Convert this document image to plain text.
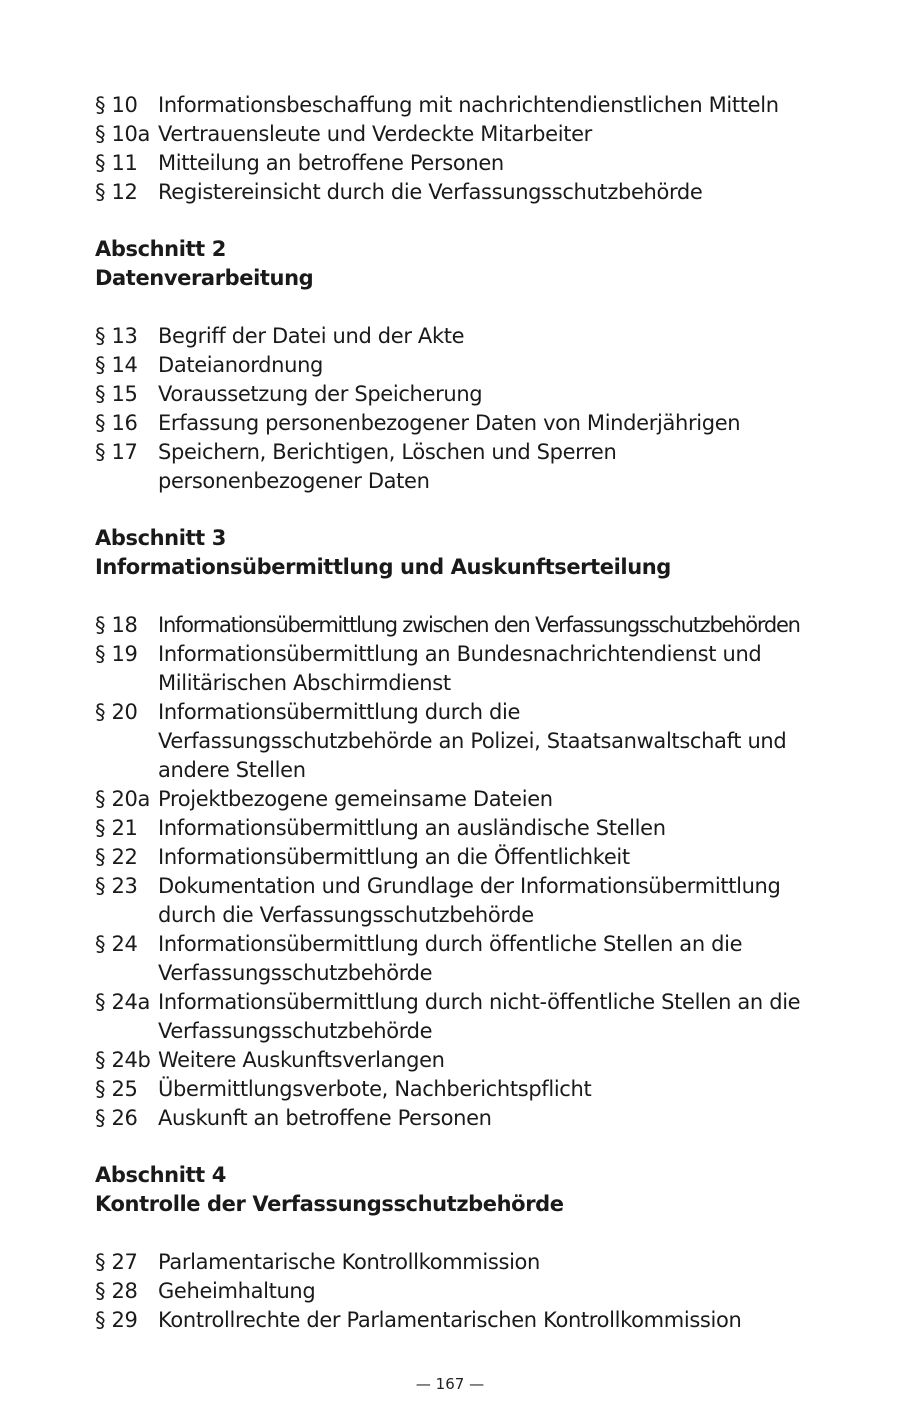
§ 10 Informationsbeschaffung mit nachrichtendienstlichen Mitteln
§ 10a Vertrauensleute und Verdeckte Mitarbeiter
§ 11 Mitteilung an betroffene Personen
§ 12 Registereinsicht durch die Verfassungsschutzbehörde
Abschnitt 2
Datenverarbeitung
§ 13 Begriff der Datei und der Akte
§ 14 Dateianordnung
§ 15 Voraussetzung der Speicherung
§ 16 Erfassung personenbezogener Daten von Minderjährigen
§ 17 Speichern, Berichtigen, Löschen und Sperren personenbezogener Daten
Abschnitt 3
Informationsübermittlung und Auskunftserteilung
§ 18 Informationsübermittlung zwischen den Verfassungsschutzbehörden
§ 19 Informationsübermittlung an Bundesnachrichtendienst und Militärischen Abschirmdienst
§ 20 Informationsübermittlung durch die Verfassungsschutzbehörde an Polizei, Staatsanwaltschaft und andere Stellen
§ 20a Projektbezogene gemeinsame Dateien
§ 21 Informationsübermittlung an ausländische Stellen
§ 22 Informationsübermittlung an die Öffentlichkeit
§ 23 Dokumentation und Grundlage der Informationsübermittlung durch die Verfassungsschutzbehörde
§ 24 Informationsübermittlung durch öffentliche Stellen an die Verfassungsschutzbehörde
§ 24a Informationsübermittlung durch nicht-öffentliche Stellen an die Verfassungsschutzbehörde
§ 24b Weitere Auskunftsverlangen
§ 25 Übermittlungsverbote, Nachberichtspflicht
§ 26 Auskunft an betroffene Personen
Abschnitt 4
Kontrolle der Verfassungsschutzbehörde
§ 27 Parlamentarische Kontrollkommission
§ 28 Geheimhaltung
§ 29 Kontrollrechte der Parlamentarischen Kontrollkommission
— 167 —
